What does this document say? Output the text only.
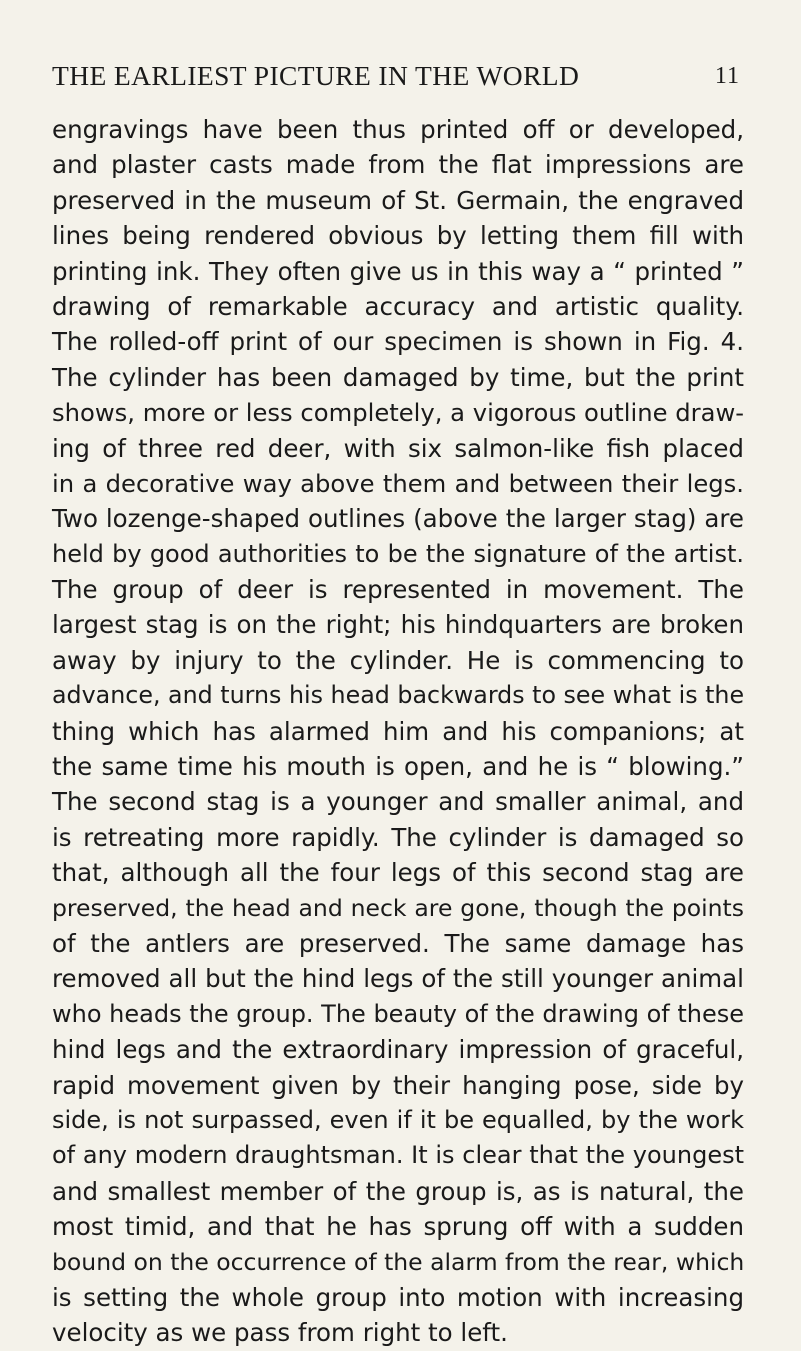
THE EARLIEST PICTURE IN THE WORLD	11
engravings have been thus printed off or developed,
and plaster casts made from the flat impressions are
preserved in the museum of St. Germain, the engraved
lines being rendered obvious by letting them fill with
printing ink. They often give us in this way a “ printed ”
drawing of remarkable accuracy and artistic quality.
The rolled-off print of our specimen is shown in Fig. 4.
The cylinder has been damaged by time, but the print
shows, more or less completely, a vigorous outline draw-
ing of three red deer, with six salmon-like fish placed
in a decorative way above them and between their legs.
Two lozenge-shaped outlines (above the larger stag) are
held by good authorities to be the signature of the artist.
The group of deer is represented in movement. The
largest stag is on the right; his hindquarters are broken
away by injury to the cylinder. He is commencing to
advance, and turns his head backwards to see what is the
thing which has alarmed him and his companions; at
the same time his mouth is open, and he is “ blowing.”
The second stag is a younger and smaller animal, and
is retreating more rapidly. The cylinder is damaged so
that, although all the four legs of this second stag are
preserved, the head and neck are gone, though the points
of the antlers are preserved. The same damage has
removed all but the hind legs of the still younger animal
who heads the group. The beauty of the drawing of these
hind legs and the extraordinary impression of graceful,
rapid movement given by their hanging pose, side by
side, is not surpassed, even if it be equalled, by the work
of any modern draughtsman. It is clear that the youngest
and smallest member of the group is, as is natural, the
most timid, and that he has sprung off with a sudden
bound on the occurrence of the alarm from the rear, which
is setting the whole group into motion with increasing
velocity as we pass from right to left.
